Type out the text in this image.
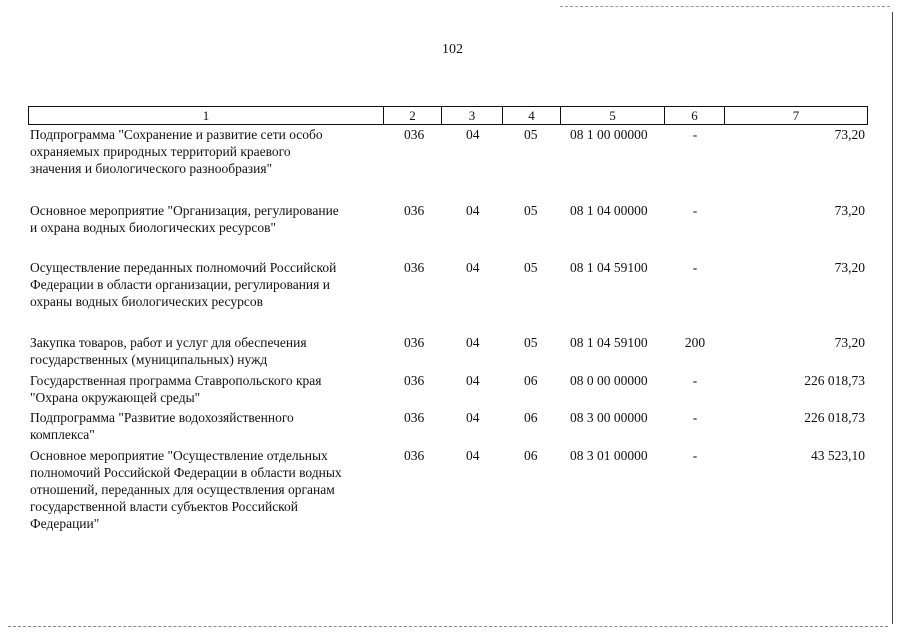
102
1	2	3	4	5	6	7
Подпрограмма "Сохранение и развитие сети особо
охраняемых природных территорий краевого
значения и биологического разнообразия"
036	04	05	08 1 00 00000	-	73,20
Основное мероприятие "Организация, регулирование
и охрана водных биологических ресурсов"
036	04	05	08 1 04 00000	-	73,20
Осуществление переданных полномочий Российской
Федерации в области организации, регулирования и
охраны водных биологических ресурсов
036	04	05	08 1 04 59100	-	73,20
Закупка товаров, работ и услуг для обеспечения
государственных (муниципальных) нужд
036	04	05	08 1 04 59100	200	73,20
Государственная программа Ставропольского края
"Охрана окружающей среды"
036	04	06	08 0 00 00000	-	226 018,73
Подпрограмма "Развитие водохозяйственного
комплекса"
036	04	06	08 3 00 00000	-	226 018,73
Основное мероприятие "Осуществление отдельных
полномочий Российской Федерации в области водных
отношений, переданных для осуществления органам
государственной власти субъектов Российской
Федерации"
036	04	06	08 3 01 00000	-	43 523,10
